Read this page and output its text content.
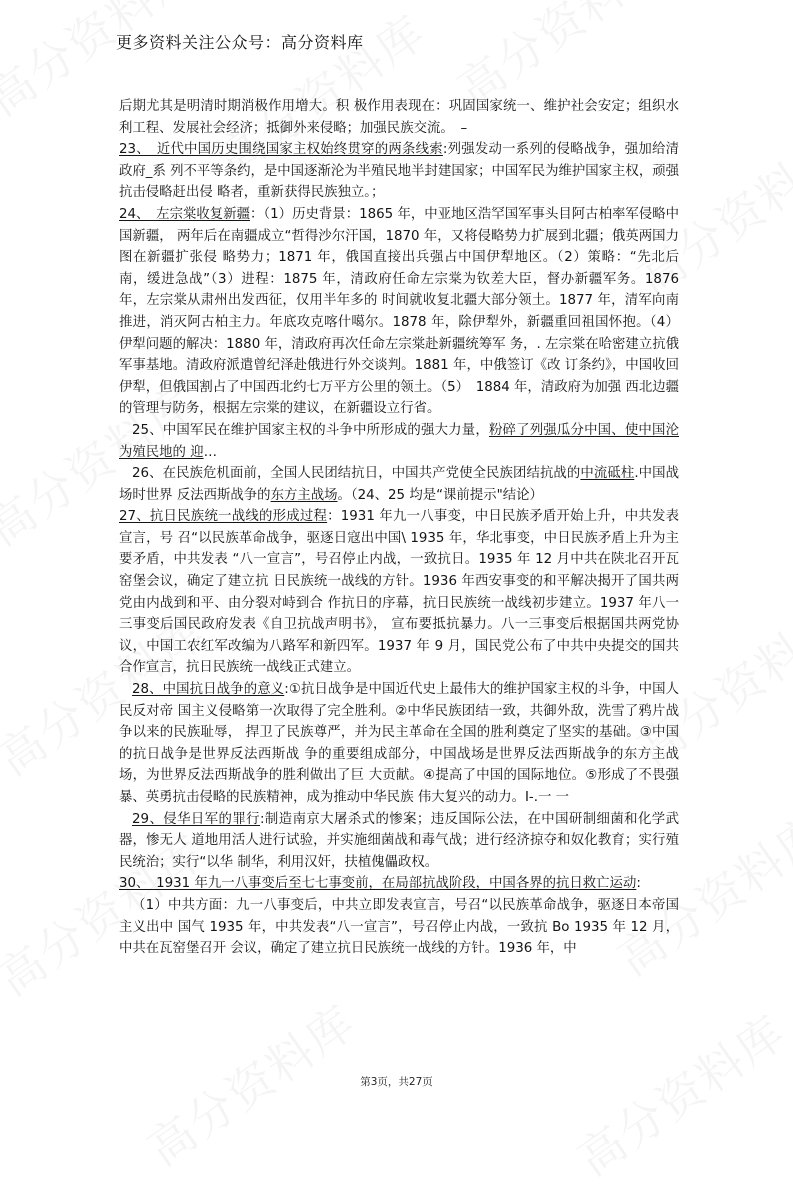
更多资料关注公众号：高分资料库

后期尤其是明清时期消极作用增大。积 极作用表现在：巩固国家统一、维护社会安定；组织水利工程、发展社会经济；抵御外来侵略；加强民族交流。　–

23、　近代中国历史围绕国家主权始终贯穿的两条线索:列强发动一系列的侵略战争，强加给清政府_系 列不平等条约，是中国逐渐沦为半殖民地半封建国家；中国军民为维护国家主权，顽强抗击侵略赶出侵 略者，重新获得民族独立。；

24、　左宗棠收复新疆：（1）历史背景：1865 年，中亚地区浩罕国军事头目阿古柏率军侵略中国新疆， 两年后在南疆成立“哲得沙尔汗国，1870 年，又将侵略势力扩展到北疆；俄英两国力图在新疆扩张侵 略势力；1871 年，俄国直接出兵强占中国伊犁地区。（2）策略：“先北后南，缓进急战”（3）进程：1875 年，清政府任命左宗棠为钦差大臣，督办新疆军务。1876 年，左宗棠从肃州出发西征，仅用半年多的 时间就收复北疆大部分领土。1877 年，清军向南推进，消灭阿古柏主力。年底攻克喀什噶尔。1878 年，除伊犁外，新疆重回祖国怀抱。（4）伊犁问题的解决：1880 年，清政府再次任命左宗棠赴新疆统筹军 务，. 左宗棠在哈密建立抗俄军事基地。清政府派遣曾纪泽赴俄进行外交谈判。1881 年，中俄签订《改 订条约》，中国收回伊犁，但俄国割占了中国西北约七万平方公里的领土。（5）　1884 年，清政府为加强 西北边疆的管理与防务，根据左宗棠的建议，在新疆设立行省。

25、中国军民在维护国家主权的斗争中所形成的强大力量，粉碎了列强瓜分中国、使中国沦为殖民地的 迎…

26、在民族危机面前，全国人民团结抗日，中国共产党使全民族团结抗战的中流砥柱.中国战场时世界 反法西斯战争的东方主战场。（24、25 均是“课前提示"结论）

27、抗日民族统一战线的形成过程：1931 年九一八事变，中日民族矛盾开始上升，中共发表宣言，号 召“以民族革命战争，驱逐日寇出中国\ 1935 年，华北事变，中日民族矛盾上升为主要矛盾，中共发表 “八一宣言”，号召停止内战，一致抗日。1935 年 12 月中共在陕北召开瓦窑堡会议，确定了建立抗 日民族统一战线的方针。1936 年西安事变的和平解决揭开了国共两党由内战到和平、由分裂对峙到合 作抗日的序幕，抗日民族统一战线初步建立。1937 年八一三事变后国民政府发表《自卫抗战声明书》， 宣布要抵抗暴力。八一三事变后根据国共两党协议，中国工农红军改编为八路军和新四军。1937 年 9 月，国民党公布了中共中央提交的国共合作宣言，抗日民族统一战线正式建立。

28、中国抗日战争的意义:①抗日战争是中国近代史上最伟大的维护国家主权的斗争，中国人民反对帝 国主义侵略第一次取得了完全胜利。②中华民族团结一致，共御外敌，洗雪了鸦片战争以来的民族耻辱， 捍卫了民族尊严，并为民主革命在全国的胜利奠定了坚实的基础。③中国的抗日战争是世界反法西斯战 争的重要组成部分，中国战场是世界反法西斯战争的东方主战场，为世界反法西斯战争的胜利做出了巨 大贡献。④提高了中国的国际地位。⑤形成了不畏强暴、英勇抗击侵略的民族精神，成为推动中华民族 伟大复兴的动力。I-.一 一

29、侵华日军的罪行:制造南京大屠杀式的惨案；违反国际公法，在中国研制细菌和化学武器，惨无人 道地用活人进行试验，并实施细菌战和毒气战；进行经济掠夺和奴化教育；实行殖民统治；实行“以华 制华，利用汉奸，扶植傀儡政权。

30、　1931 年九一八事变后至七七事变前，在局部抗战阶段，中国各界的抗日救亡运动:

（1）中共方面：九一八事变后，中共立即发表宣言，号召“以民族革命战争，驱逐日本帝国主义出中 国气 1935 年，中共发表“八一宣言”，号召停止内战，一致抗 Bo 1935 年 12 月，中共在瓦窑堡召开 会议，确定了建立抗日民族统一战线的方针。1936 年，中

第3页，共27页
